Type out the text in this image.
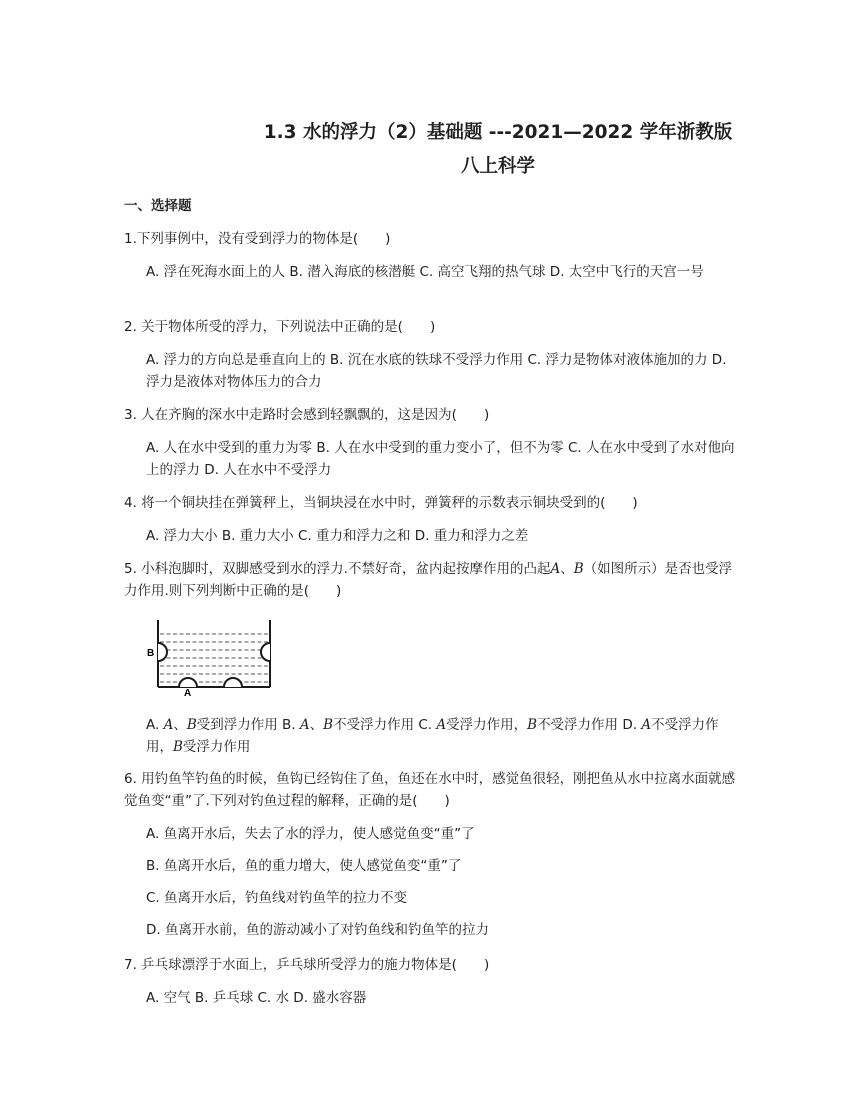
1.3 水的浮力（2）基础题 ---2021—2022 学年浙教版
八上科学
一、选择题
1.下列事例中，没有受到浮力的物体是(　　)
A. 浮在死海水面上的人 B. 潜入海底的核潜艇 C. 高空飞翔的热气球 D. 太空中飞行的天宫一号
2. 关于物体所受的浮力，下列说法中正确的是(　　)
A. 浮力的方向总是垂直向上的 B. 沉在水底的铁球不受浮力作用 C. 浮力是物体对液体施加的力 D. 浮力是液体对物体压力的合力
3. 人在齐胸的深水中走路时会感到轻飘飘的，这是因为(　　)
A. 人在水中受到的重力为零 B. 人在水中受到的重力变小了，但不为零 C. 人在水中受到了水对他向上的浮力 D. 人在水中不受浮力
4. 将一个铜块挂在弹簧秤上，当铜块浸在水中时，弹簧秤的示数表示铜块受到的(　　)
A. 浮力大小 B. 重力大小 C. 重力和浮力之和 D. 重力和浮力之差
5. 小科泡脚时，双脚感受到水的浮力.不禁好奇，盆内起按摩作用的凸起A、B（如图所示）是否也受浮力作用.则下列判断中正确的是(　　)
B
A
A. A、B受到浮力作用 B. A、B不受浮力作用 C. A受浮力作用，B不受浮力作用 D. A不受浮力作用，B受浮力作用
6. 用钓鱼竿钓鱼的时候，鱼钩已经钩住了鱼，鱼还在水中时，感觉鱼很轻，刚把鱼从水中拉离水面就感觉鱼变“重”了.下列对钓鱼过程的解释，正确的是(　　)
A. 鱼离开水后，失去了水的浮力，使人感觉鱼变“重”了
B. 鱼离开水后，鱼的重力增大，使人感觉鱼变“重”了
C. 鱼离开水后，钓鱼线对钓鱼竿的拉力不变
D. 鱼离开水前，鱼的游动减小了对钓鱼线和钓鱼竿的拉力
7. 乒乓球漂浮于水面上，乒乓球所受浮力的施力物体是(　　)
A. 空气 B. 乒乓球 C. 水 D. 盛水容器
